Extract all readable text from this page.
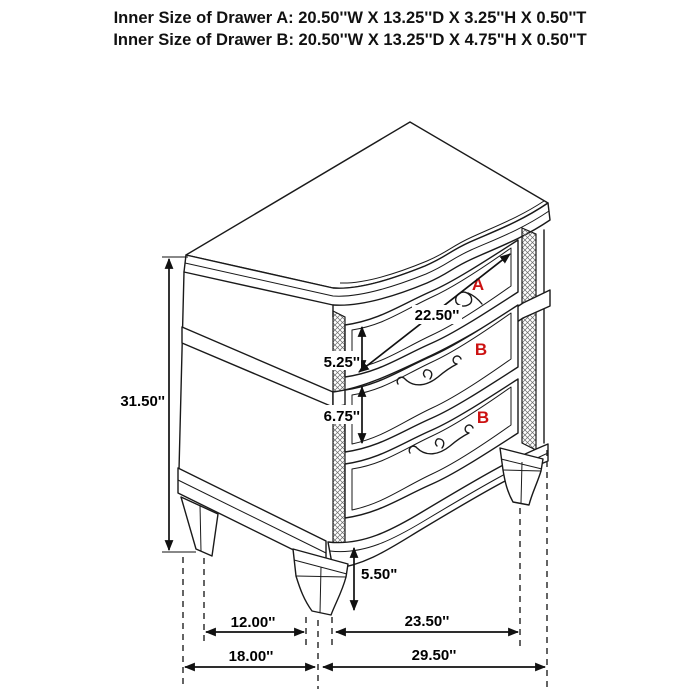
Inner Size of Drawer A: 20.50''W X 13.25''D X 3.25''H X 0.50''T
Inner Size of Drawer B: 20.50''W X 13.25''D X 4.75"H X 0.50"T
A
B
B
31.50''
5.25''
6.75''
22.50''
5.50"
12.00''	23.50''
18.00''	29.50''
